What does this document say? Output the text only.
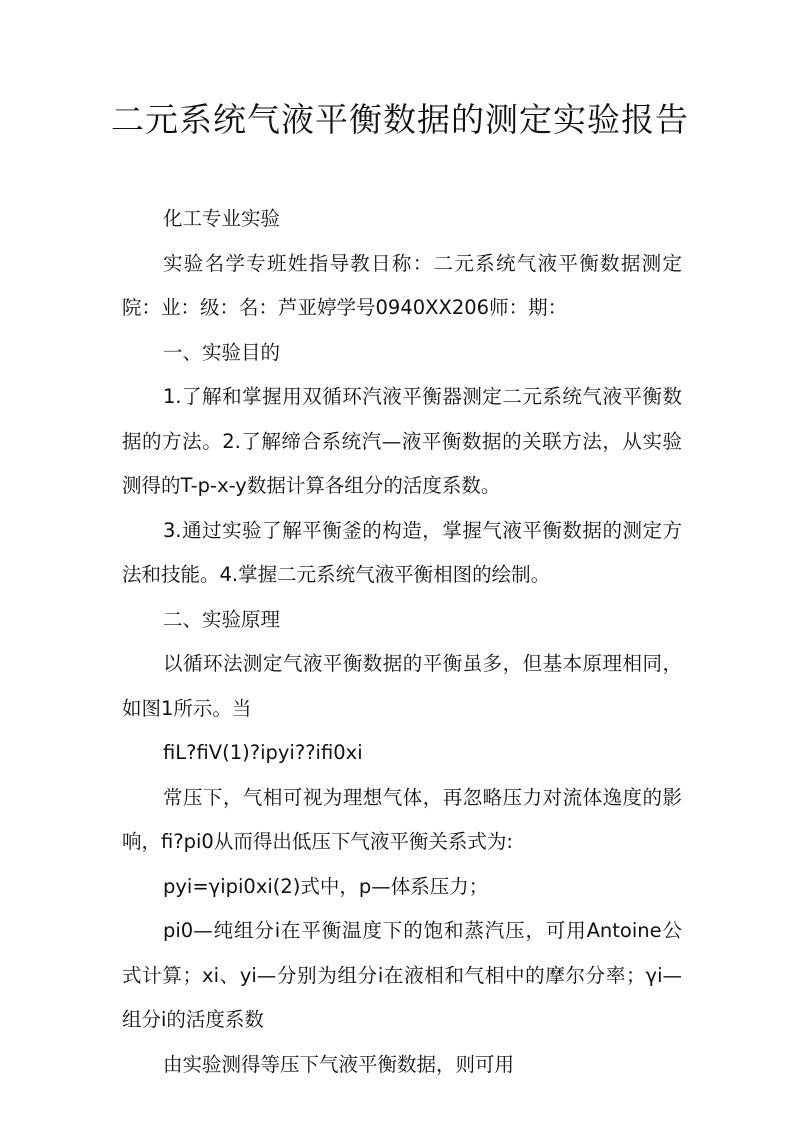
二元系统气液平衡数据的测定实验报告

化工专业实验

实验名学专班姓指导教日称：二元系统气液平衡数据测定院：业：级：名：芦亚婷学号0940XX206师：期：

一、实验目的

1.了解和掌握用双循环汽液平衡器测定二元系统气液平衡数据的方法。2.了解缔合系统汽—液平衡数据的关联方法，从实验测得的T-p-x-y数据计算各组分的活度系数。

3.通过实验了解平衡釜的构造，掌握气液平衡数据的测定方法和技能。4.掌握二元系统气液平衡相图的绘制。

二、实验原理

以循环法测定气液平衡数据的平衡虽多，但基本原理相同，如图1所示。当

fiL?fiV(1)?ipyi??ifi0xi

常压下，气相可视为理想气体，再忽略压力对流体逸度的影响，fi?pi0从而得出低压下气液平衡关系式为:

pyi=γipi0xi(2)式中，p—体系压力；

pi0—纯组分i在平衡温度下的饱和蒸汽压，可用Antoine公式计算；xi、yi—分别为组分i在液相和气相中的摩尔分率；γi—组分i的活度系数

由实验测得等压下气液平衡数据，则可用
